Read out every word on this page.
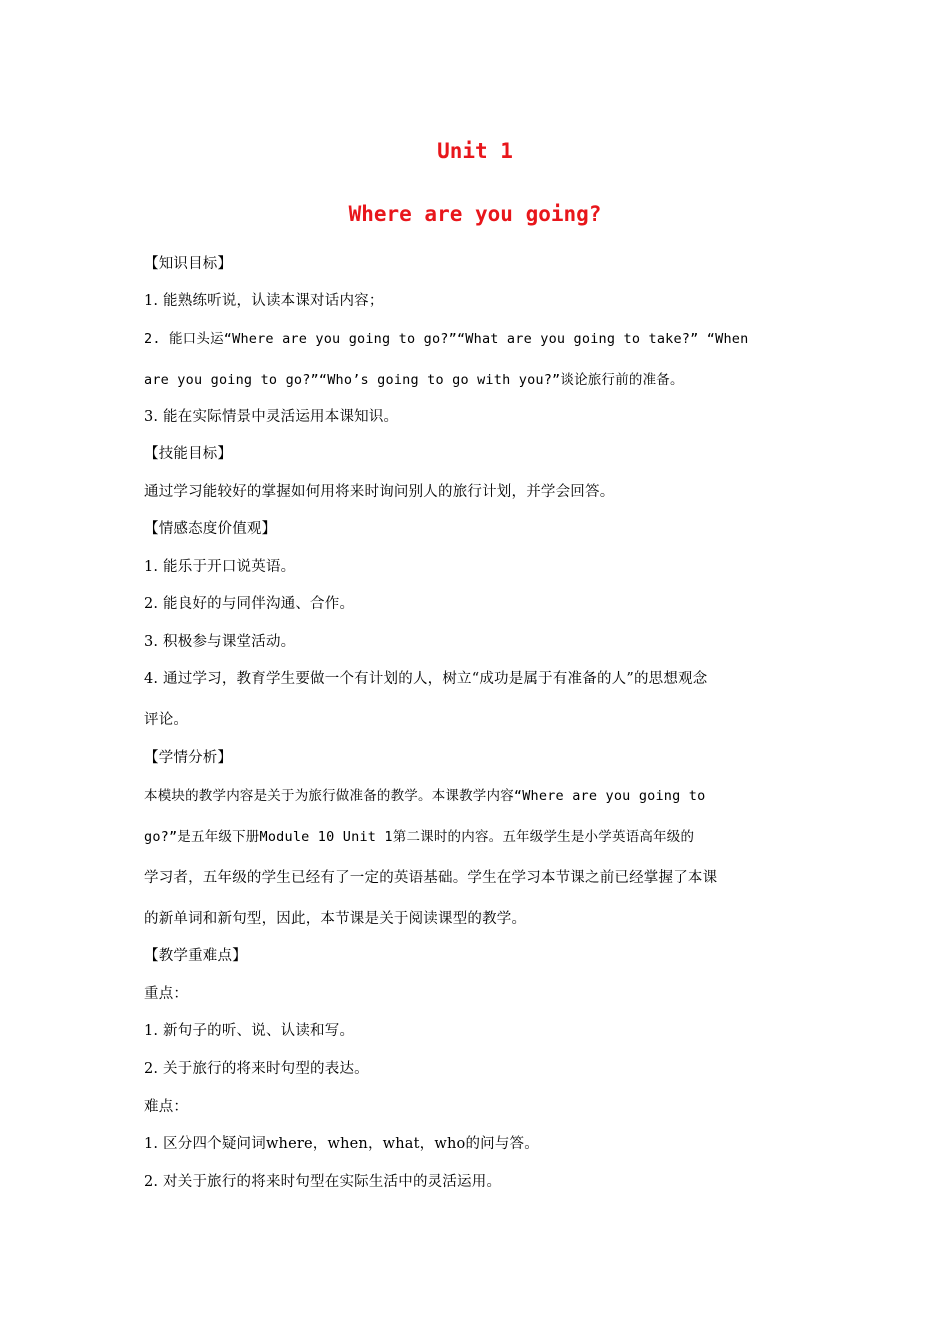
Unit 1
Where are you going?
【知识目标】
1. 能熟练听说，认读本课对话内容；
2. 能口头运“Where are you going to go?”“What are you going to take?” “When
are you going to go?”“Who’s going to go with you?”谈论旅行前的准备。
3. 能在实际情景中灵活运用本课知识。
【技能目标】
通过学习能较好的掌握如何用将来时询问别人的旅行计划，并学会回答。
【情感态度价值观】
1. 能乐于开口说英语。
2. 能良好的与同伴沟通、合作。
3. 积极参与课堂活动。
4. 通过学习，教育学生要做一个有计划的人，树立“成功是属于有准备的人”的思想观念
评论。
【学情分析】
本模块的教学内容是关于为旅行做准备的教学。本课教学内容“Where are you going to
go?”是五年级下册Module 10 Unit 1第二课时的内容。五年级学生是小学英语高年级的
学习者，五年级的学生已经有了一定的英语基础。学生在学习本节课之前已经掌握了本课
的新单词和新句型，因此，本节课是关于阅读课型的教学。
【教学重难点】
重点：
1. 新句子的听、说、认读和写。
2. 关于旅行的将来时句型的表达。
难点：
1. 区分四个疑问词where，when，what，who的问与答。
2. 对关于旅行的将来时句型在实际生活中的灵活运用。
